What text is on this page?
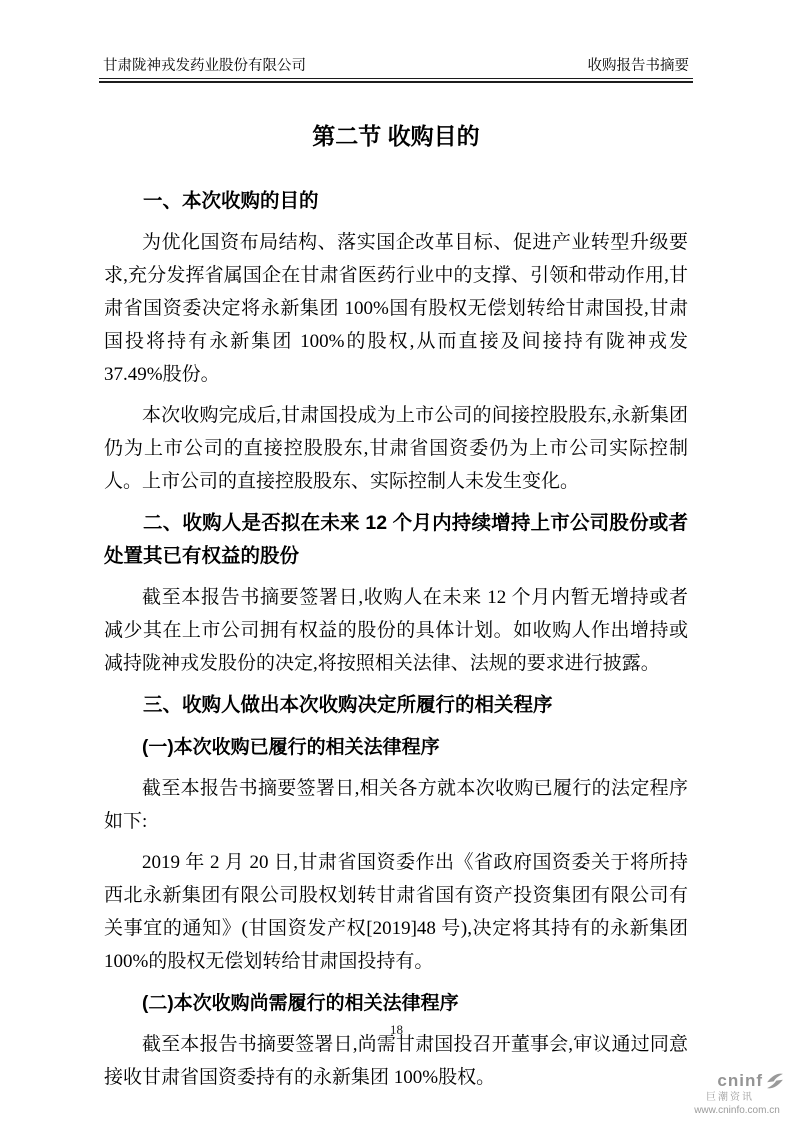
甘肃陇神戎发药业股份有限公司	收购报告书摘要
第二节 收购目的
一、本次收购的目的

为优化国资布局结构、落实国企改革目标、促进产业转型升级要求,充分发挥省属国企在甘肃省医药行业中的支撑、引领和带动作用,甘肃省国资委决定将永新集团 100%国有股权无偿划转给甘肃国投,甘肃国投将持有永新集团 100%的股权,从而直接及间接持有陇神戎发 37.49%股份。

本次收购完成后,甘肃国投成为上市公司的间接控股股东,永新集团仍为上市公司的直接控股股东,甘肃省国资委仍为上市公司实际控制人。上市公司的直接控股股东、实际控制人未发生变化。

二、收购人是否拟在未来 12 个月内持续增持上市公司股份或者处置其已有权益的股份

截至本报告书摘要签署日,收购人在未来 12 个月内暂无增持或者减少其在上市公司拥有权益的股份的具体计划。如收购人作出增持或减持陇神戎发股份的决定,将按照相关法律、法规的要求进行披露。

三、收购人做出本次收购决定所履行的相关程序
(一)本次收购已履行的相关法律程序

截至本报告书摘要签署日,相关各方就本次收购已履行的法定程序如下:

2019 年 2 月 20 日,甘肃省国资委作出《省政府国资委关于将所持西北永新集团有限公司股权划转甘肃省国有资产投资集团有限公司有关事宜的通知》(甘国资发产权[2019]48 号),决定将其持有的永新集团 100%的股权无偿划转给甘肃国投持有。

(二)本次收购尚需履行的相关法律程序

截至本报告书摘要签署日,尚需甘肃国投召开董事会,审议通过同意接收甘肃省国资委持有的永新集团 100%股权。

18
cninf
巨潮资讯
www.cninfo.com.cn
